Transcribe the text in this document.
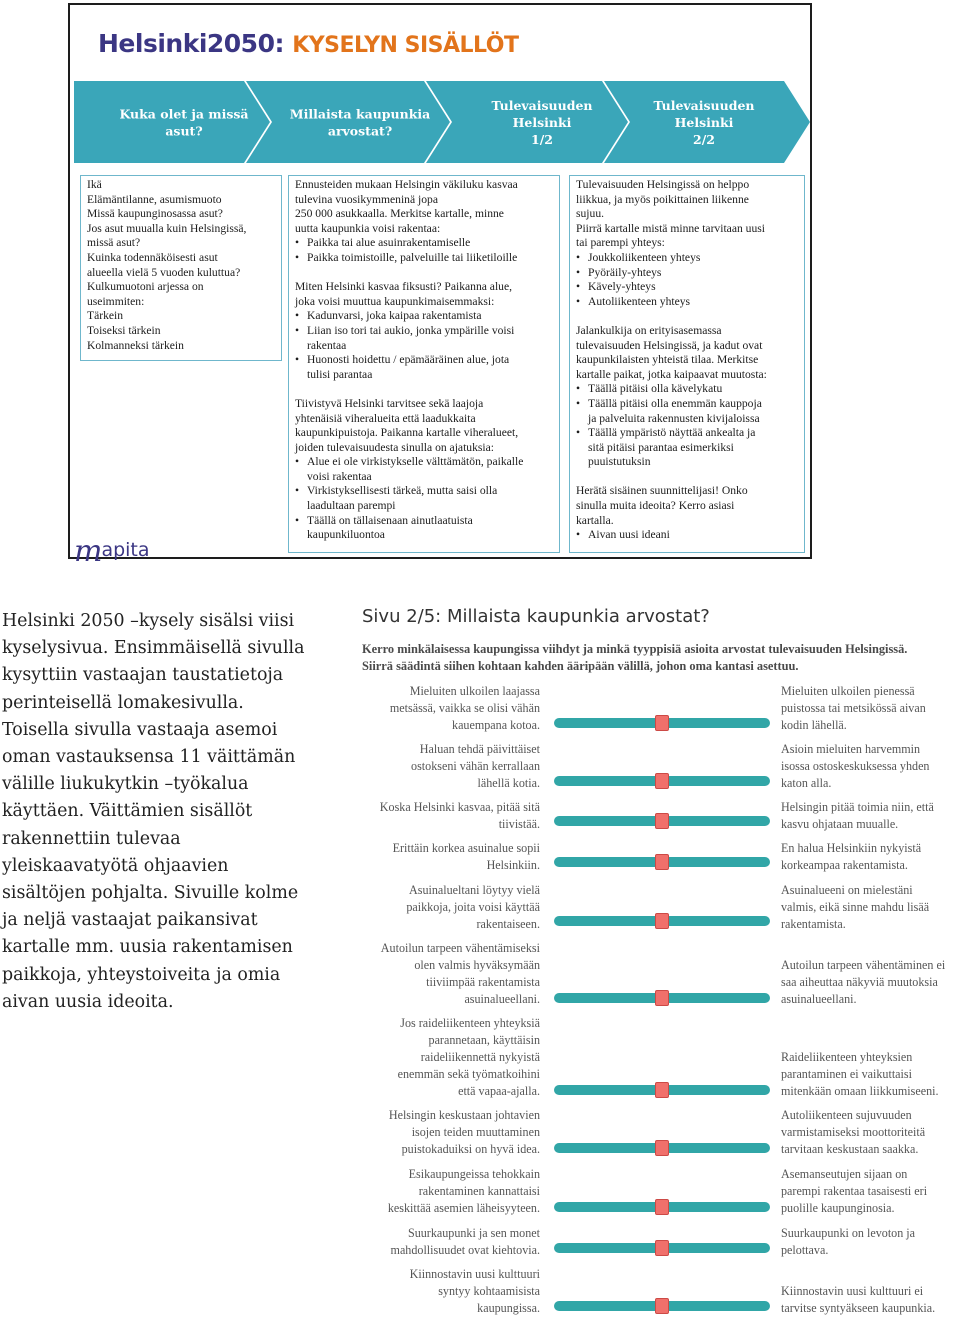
Helsinki2050: KYSELYN SISÄLLÖT
Kuka olet ja missä
asut?
Millaista kaupunkia
arvostat?
Tulevaisuuden
Helsinki
1/2
Tulevaisuuden
Helsinki
2/2
Ikä
Elämäntilanne, asumismuoto
Missä kaupunginosassa asut?
Jos asut muualla kuin Helsingissä,
missä asut?
Kuinka todennäköisesti asut
alueella vielä 5 vuoden kuluttua?
Kulkumuotoni arjessa on
useimmiten:
Tärkein
Toiseksi tärkein
Kolmanneksi tärkein
Ennusteiden mukaan Helsingin väkiluku kasvaa
tulevina vuosikymmeninä jopa
250 000 asukkaalla. Merkitse kartalle, minne
uutta kaupunkia voisi rakentaa:
• Paikka tai alue asuinrakentamiselle
• Paikka toimistoille, palveluille tai liiketiloille
Miten Helsinki kasvaa fiksusti? Paikanna alue,
joka voisi muuttua kaupunkimaisemmaksi:
• Kadunvarsi, joka kaipaa rakentamista
• Liian iso tori tai aukio, jonka ympärille voisi
rakentaa
• Huonosti hoidettu / epämääräinen alue, jota
tulisi parantaa
Tiivistyvä Helsinki tarvitsee sekä laajoja
yhtenäisiä viheralueita että laadukkaita
kaupunkipuistoja. Paikanna kartalle viheralueet,
joiden tulevaisuudesta sinulla on ajatuksia:
• Alue ei ole virkistykselle välttämätön, paikalle
voisi rakentaa
• Virkistyksellisesti tärkeä, mutta saisi olla
laadultaan parempi
• Täällä on tällaisenaan ainutlaatuista
kaupunkiluontoa
Tulevaisuuden Helsingissä on helppo
liikkua, ja myös poikittainen liikenne
sujuu.
Piirrä kartalle mistä minne tarvitaan uusi
tai parempi yhteys:
• Joukkoliikenteen yhteys
• Pyöräily-yhteys
• Kävely-yhteys
• Autoliikenteen yhteys
Jalankulkija on erityisasemassa
tulevaisuuden Helsingissä, ja kadut ovat
kaupunkilaisten yhteistä tilaa. Merkitse
kartalle paikat, jotka kaipaavat muutosta:
• Täällä pitäisi olla kävelykatu
• Täällä pitäisi olla enemmän kauppoja
ja palveluita rakennusten kivijaloissa
• Täällä ympäristö näyttää ankealta ja
sitä pitäisi parantaa esimerkiksi
puuistutuksin
Herätä sisäinen suunnittelijasi! Onko
sinulla muita ideoita? Kerro asiasi
kartalla.
• Aivan uusi ideani
mapita
Helsinki 2050 –kysely sisälsi viisi
kyselysivua. Ensimmäisellä sivulla
kysyttiin vastaajan taustatietoja
perinteisellä lomakesivulla.
Toisella sivulla vastaaja asemoi
oman vastauksensa 11 väittämän
välille liukukytkin –työkalua
käyttäen. Väittämien sisällöt
rakennettiin tulevaa
yleiskaavatyötä ohjaavien
sisältöjen pohjalta. Sivuille kolme
ja neljä vastaajat paikansivat
kartalle mm. uusia rakentamisen
paikkoja, yhteystoiveita ja omia
aivan uusia ideoita.
Sivu 2/5: Millaista kaupunkia arvostat?
Kerro minkälaisessa kaupungissa viihdyt ja minkä tyyppisiä asioita arvostat tulevaisuuden Helsingissä.
Siirrä säädintä siihen kohtaan kahden ääripään välillä, johon oma kantasi asettuu.
Mieluiten ulkoilen laajassa
metsässä, vaikka se olisi vähän
kauempana kotoa.
Mieluiten ulkoilen pienessä
puistossa tai metsikössä aivan
kodin lähellä.
Haluan tehdä päivittäiset
ostokseni vähän kerrallaan
lähellä kotia.
Asioin mieluiten harvemmin
isossa ostoskeskuksessa yhden
katon alla.
Koska Helsinki kasvaa, pitää sitä
tiivistää.
Helsingin pitää toimia niin, että
kasvu ohjataan muualle.
Erittäin korkea asuinalue sopii
Helsinkiin.
En halua Helsinkiin nykyistä
korkeampaa rakentamista.
Asuinalueltani löytyy vielä
paikkoja, joita voisi käyttää
rakentaiseen.
Asuinalueeni on mielestäni
valmis, eikä sinne mahdu lisää
rakentamista.
Autoilun tarpeen vähentämiseksi
olen valmis hyväksymään
tiiviimpää rakentamista
asuinalueellani.
Autoilun tarpeen vähentäminen ei
saa aiheuttaa näkyviä muutoksia
asuinalueellani.
Jos raideliikenteen yhteyksiä
parannetaan, käyttäisin
raideliikennettä nykyistä
enemmän sekä työmatkoihini
että vapaa-ajalla.
Raideliikenteen yhteyksien
parantaminen ei vaikuttaisi
mitenkään omaan liikkumiseeni.
Helsingin keskustaan johtavien
isojen teiden muuttaminen
puistokaduiksi on hyvä idea.
Autoliikenteen sujuvuuden
varmistamiseksi moottoriteitä
tarvitaan keskustaan saakka.
Esikaupungeissa tehokkain
rakentaminen kannattaisi
keskittää asemien läheisyyteen.
Asemanseutujen sijaan on
parempi rakentaa tasaisesti eri
puolille kaupunginosia.
Suurkaupunki ja sen monet
mahdollisuudet ovat kiehtovia.
Suurkaupunki on levoton ja
pelottava.
Kiinnostavin uusi kulttuuri
syntyy kohtaamisista
kaupungissa.
Kiinnostavin uusi kulttuuri ei
tarvitse syntyäkseen kaupunkia.
